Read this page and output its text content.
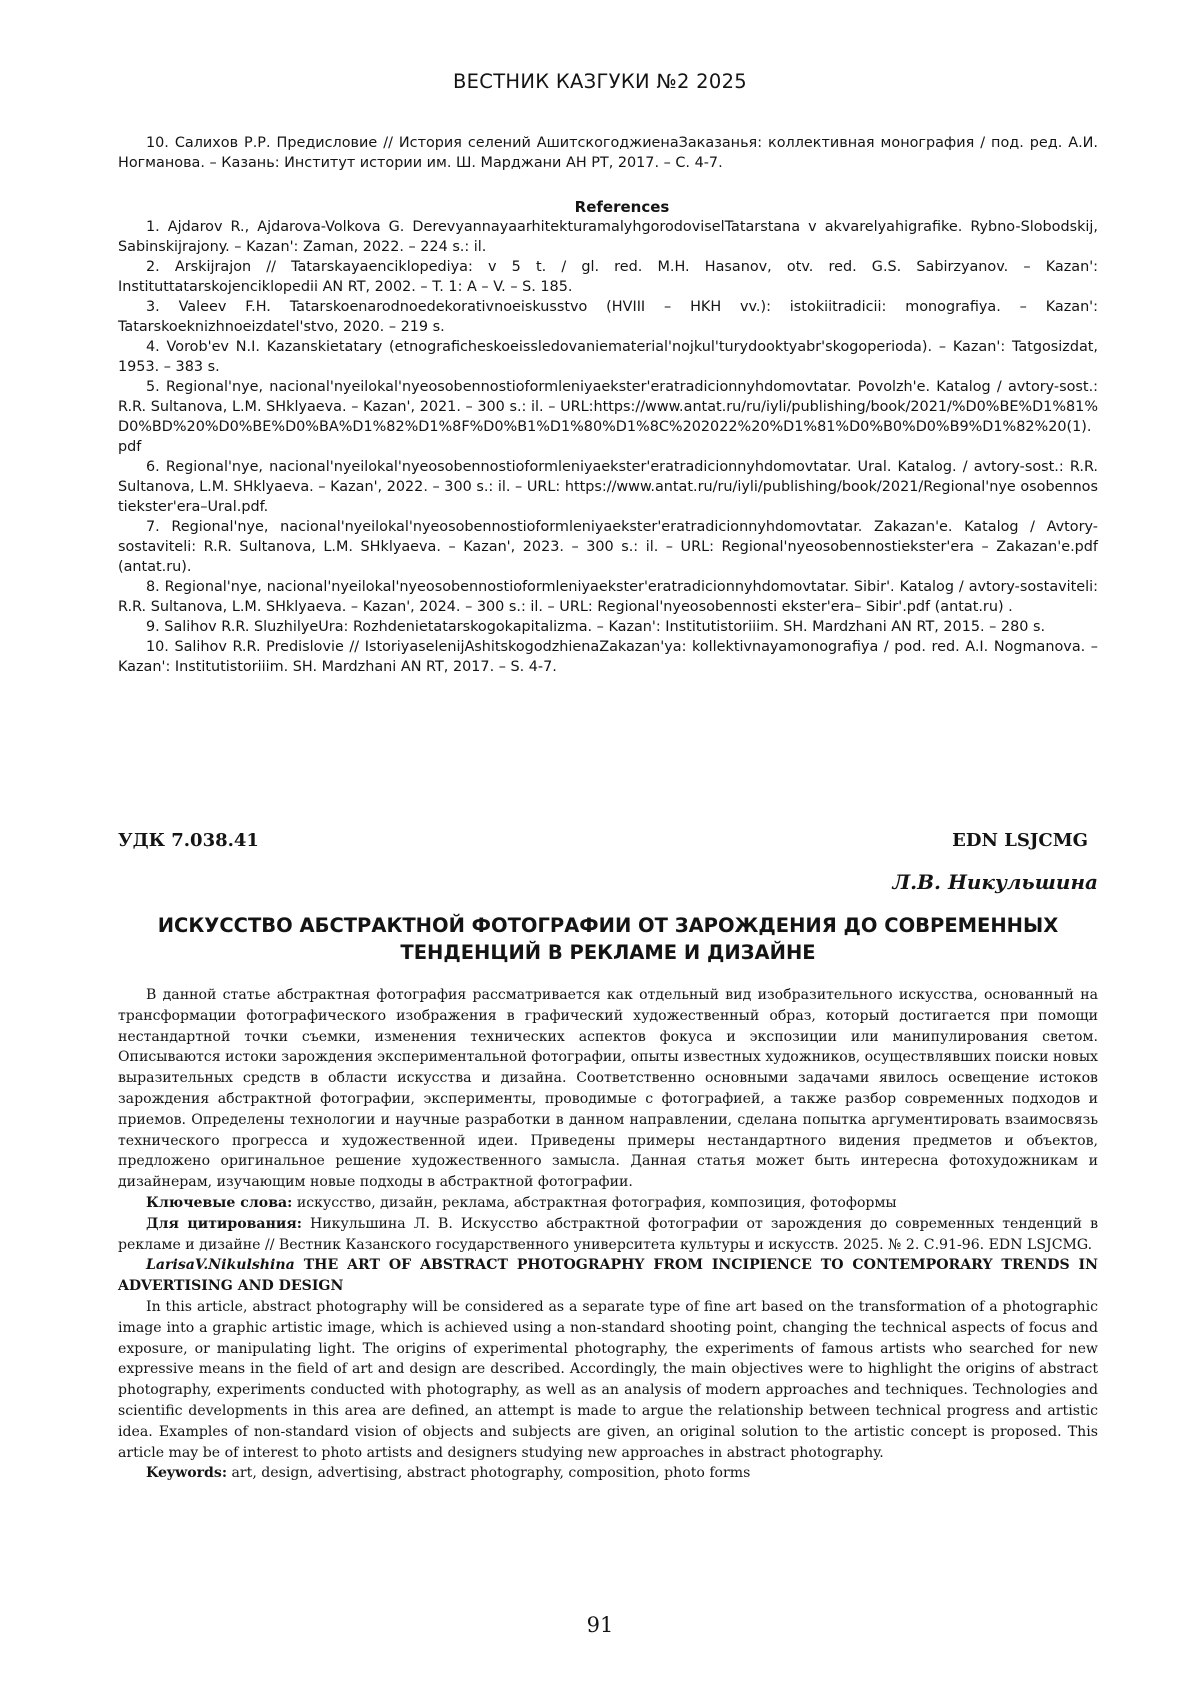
ВЕСТНИК КАЗГУКИ №2 2025

10. Салихов Р.Р. Предисловие // История селений АшитскогоджиенаЗаказанья: коллективная монография / под. ред. А.И. Ногманова. – Казань: Институт истории им. Ш. Марджани АН РТ, 2017. – С. 4-7.

References

1. Ajdarov R., Ajdarova-Volkova G. DerevyannayaarhitekturamalyhgorodoviselTatarstana v akvarelyahigrafike. Rybno-Slobodskij, Sabinskijrajony. – Kazan': Zaman, 2022. – 224 s.: il.

2. Arskijrajon // Tatarskayaenciklopediya: v 5 t. / gl. red. M.H. Hasanov, otv. red. G.S. Sabirzyanov. – Kazan': Instituttatarskojenciklopedii AN RT, 2002. – T. 1: A – V. – S. 185.

3. Valeev F.H. Tatarskoenarodnoedekorativnoeiskusstvo (HVIII – HKH vv.): istokiitradicii: monografiya. – Kazan': Tatarskoeknizhnoeizdatel'stvo, 2020. – 219 s.

4. Vorob'ev N.I. Kazanskietatary (etnograficheskoeissledovaniematerial'nojkul'turydooktyabr'skogoperioda). – Kazan': Tatgosizdat, 1953. – 383 s.

5. Regional'nye, nacional'nyeilokal'nyeosobennostioformleniyaekster'eratradicionnyhdomovtatar. Povolzh'e. Katalog / avtory-sost.: R.R. Sultanova, L.M. SHklyaeva. – Kazan', 2021. – 300 s.: il. – URL:https://www.antat.ru/ru/iyli/publishing/book/2021/%D0%BE%D1%81%D0%BD%20%D0%BE%D0%BA%D1%82%D1%8F%D0%B1%D1%80%D1%8C%202022%20%D1%81%D0%B0%D0%B9%D1%82%20(1).pdf

6. Regional'nye, nacional'nyeilokal'nyeosobennostioformleniyaekster'eratradicionnyhdomovtatar. Ural. Katalog. / avtory-sost.: R.R. Sultanova, L.M. SHklyaeva. – Kazan', 2022. – 300 s.: il. – URL: https://www.antat.ru/ru/iyli/publishing/book/2021/Regional'nye osobennostiekster'era–Ural.pdf.

7. Regional'nye, nacional'nyeilokal'nyeosobennostioformleniyaekster'eratradicionnyhdomovtatar. Zakazan'e. Katalog / Avtory-sostaviteli: R.R. Sultanova, L.M. SHklyaeva. – Kazan', 2023. – 300 s.: il. – URL: Regional'nyeosobennostiekster'era – Zakazan'e.pdf (antat.ru).

8. Regional'nye, nacional'nyeilokal'nyeosobennostioformleniyaekster'eratradicionnyhdomovtatar. Sibir'. Katalog / avtory-sostaviteli: R.R. Sultanova, L.M. SHklyaeva. – Kazan', 2024. – 300 s.: il. – URL: Regional'nyeosobennosti ekster'era– Sibir'.pdf (antat.ru) .

9. Salihov R.R. SluzhilyeUra: Rozhdenietatarskogokapitalizma. – Kazan': Institutistoriiim. SH. Mardzhani AN RT, 2015. – 280 s.

10. Salihov R.R. Predislovie // IstoriyaselenijAshitskogodzhienaZakazan'ya: kollektivnayamonografiya / pod. red. A.I. Nogmanova. – Kazan': Institutistoriiim. SH. Mardzhani AN RT, 2017. – S. 4-7.

УДК 7.038.41	EDN LSJCMG
Л.В. Никульшина
ИСКУССТВО АБСТРАКТНОЙ ФОТОГРАФИИ ОТ ЗАРОЖДЕНИЯ ДО СОВРЕМЕННЫХ
ТЕНДЕНЦИЙ В РЕКЛАМЕ И ДИЗАЙНЕ

В данной статье абстрактная фотография рассматривается как отдельный вид изобразительного искусства, основанный на трансформации фотографического изображения в графический художественный образ, который достигается при помощи нестандартной точки съемки, изменения технических аспектов фокуса и экспозиции или манипулирования светом. Описываются истоки зарождения экспериментальной фотографии, опыты известных художников, осуществлявших поиски новых выразительных средств в области искусства и дизайна. Соответственно основными задачами явилось освещение истоков зарождения абстрактной фотографии, эксперименты, проводимые с фотографией, а также разбор современных подходов и приемов. Определены технологии и научные разработки в данном направлении, сделана попытка аргументировать взаимосвязь технического прогресса и художественной идеи. Приведены примеры нестандартного видения предметов и объектов, предложено оригинальное решение художественного замысла. Данная статья может быть интересна фотохудожникам и дизайнерам, изучающим новые подходы в абстрактной фотографии.

Ключевые слова: искусство, дизайн, реклама, абстрактная фотография, композиция, фотоформы

Для цитирования: Никульшина Л. В. Искусство абстрактной фотографии от зарождения до современных тенденций в рекламе и дизайне // Вестник Казанского государственного университета культуры и искусств. 2025. № 2. С.91-96. EDN LSJCMG.

LarisaV.Nikulshina THE ART OF ABSTRACT PHOTOGRAPHY FROM INCIPIENCE TO CONTEMPORARY TRENDS IN ADVERTISING AND DESIGN

In this article, abstract photography will be considered as a separate type of fine art based on the transformation of a photographic image into a graphic artistic image, which is achieved using a non-standard shooting point, changing the technical aspects of focus and exposure, or manipulating light. The origins of experimental photography, the experiments of famous artists who searched for new expressive means in the field of art and design are described. Accordingly, the main objectives were to highlight the origins of abstract photography, experiments conducted with photography, as well as an analysis of modern approaches and techniques. Technologies and scientific developments in this area are defined, an attempt is made to argue the relationship between technical progress and artistic idea. Examples of non-standard vision of objects and subjects are given, an original solution to the artistic concept is proposed. This article may be of interest to photo artists and designers studying new approaches in abstract photography.

Keywords: art, design, advertising, abstract photography, composition, photo forms

91
